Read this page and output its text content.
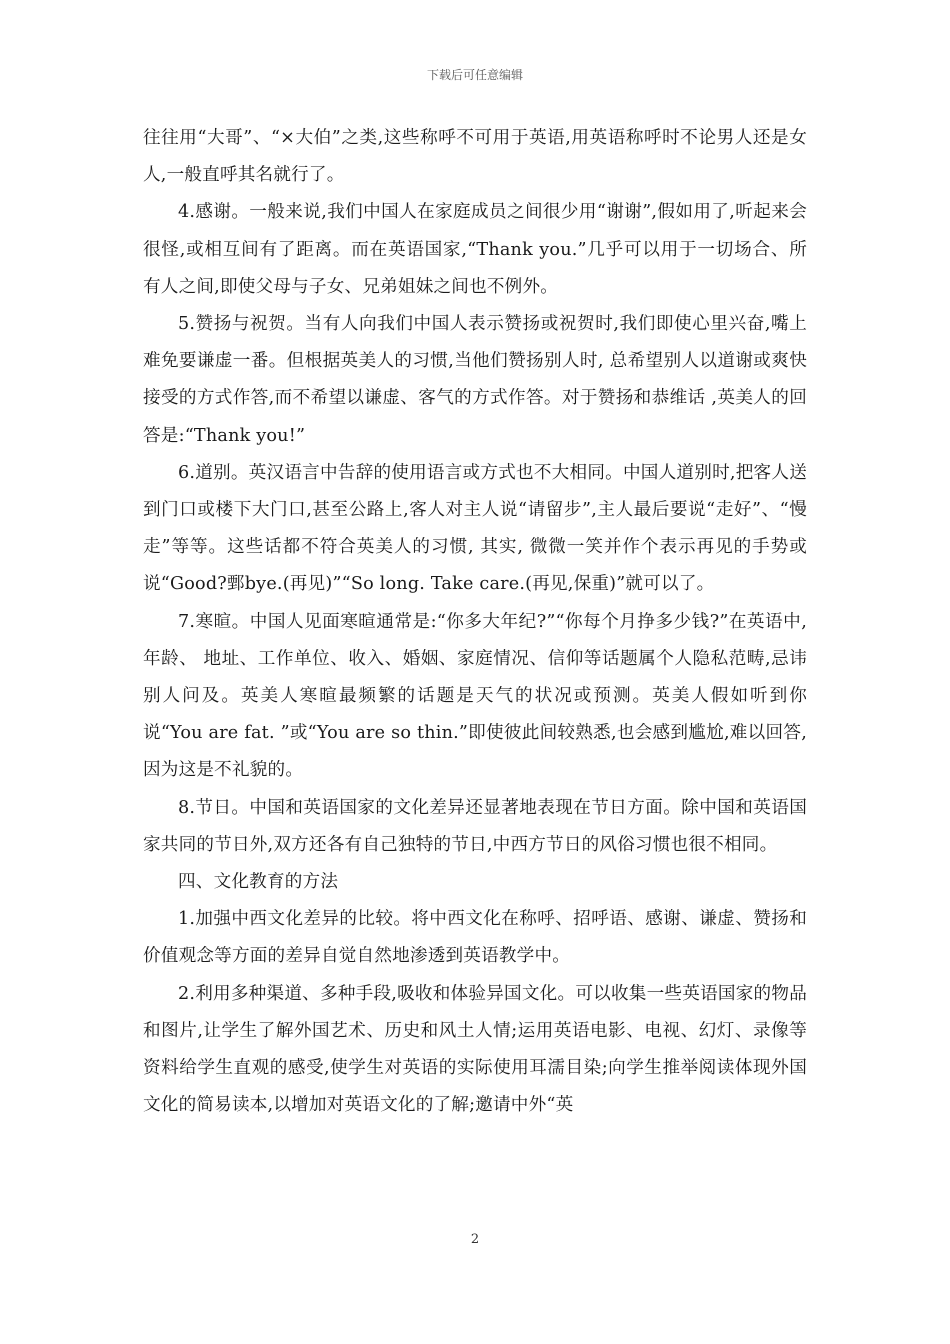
下载后可任意编辑

往往用“大哥”、“×大伯”之类,这些称呼不可用于英语,用英语称呼时不论男人还是女人,一般直呼其名就行了。

4.感谢。一般来说,我们中国人在家庭成员之间很少用“谢谢”,假如用了,听起来会很怪,或相互间有了距离。而在英语国家,“Thank you.”几乎可以用于一切场合、所有人之间,即使父母与子女、兄弟姐妹之间也不例外。

5.赞扬与祝贺。当有人向我们中国人表示赞扬或祝贺时,我们即使心里兴奋,嘴上难免要谦虚一番。但根据英美人的习惯,当他们赞扬别人时, 总希望别人以道谢或爽快接受的方式作答,而不希望以谦虚、客气的方式作答。对于赞扬和恭维话 ,英美人的回答是:“Thank you!”

6.道别。英汉语言中告辞的使用语言或方式也不大相同。中国人道别时,把客人送到门口或楼下大门口,甚至公路上,客人对主人说“请留步”,主人最后要说“走好”、“慢走”等等。这些话都不符合英美人的习惯, 其实, 微微一笑并作个表示再见的手势或说“Good?鄄bye.(再见)”“So long. Take care.(再见,保重)”就可以了。

7.寒暄。中国人见面寒暄通常是:“你多大年纪?”“你每个月挣多少钱?”在英语中,年龄、 地址、工作单位、收入、婚姻、家庭情况、信仰等话题属个人隐私范畴,忌讳别人问及。英美人寒暄最频繁的话题是天气的状况或预测。英美人假如听到你说“You are fat. ”或“You are so thin.”即使彼此间较熟悉,也会感到尴尬,难以回答,因为这是不礼貌的。

8.节日。中国和英语国家的文化差异还显著地表现在节日方面。除中国和英语国家共同的节日外,双方还各有自己独特的节日,中西方节日的风俗习惯也很不相同。

四、文化教育的方法

1.加强中西文化差异的比较。将中西文化在称呼、招呼语、感谢、谦虚、赞扬和价值观念等方面的差异自觉自然地渗透到英语教学中。

2.利用多种渠道、多种手段,吸收和体验异国文化。可以收集一些英语国家的物品和图片,让学生了解外国艺术、历史和风土人情;运用英语电影、电视、幻灯、录像等资料给学生直观的感受,使学生对英语的实际使用耳濡目染;向学生推举阅读体现外国文化的简易读本,以增加对英语文化的了解;邀请中外“英

2
